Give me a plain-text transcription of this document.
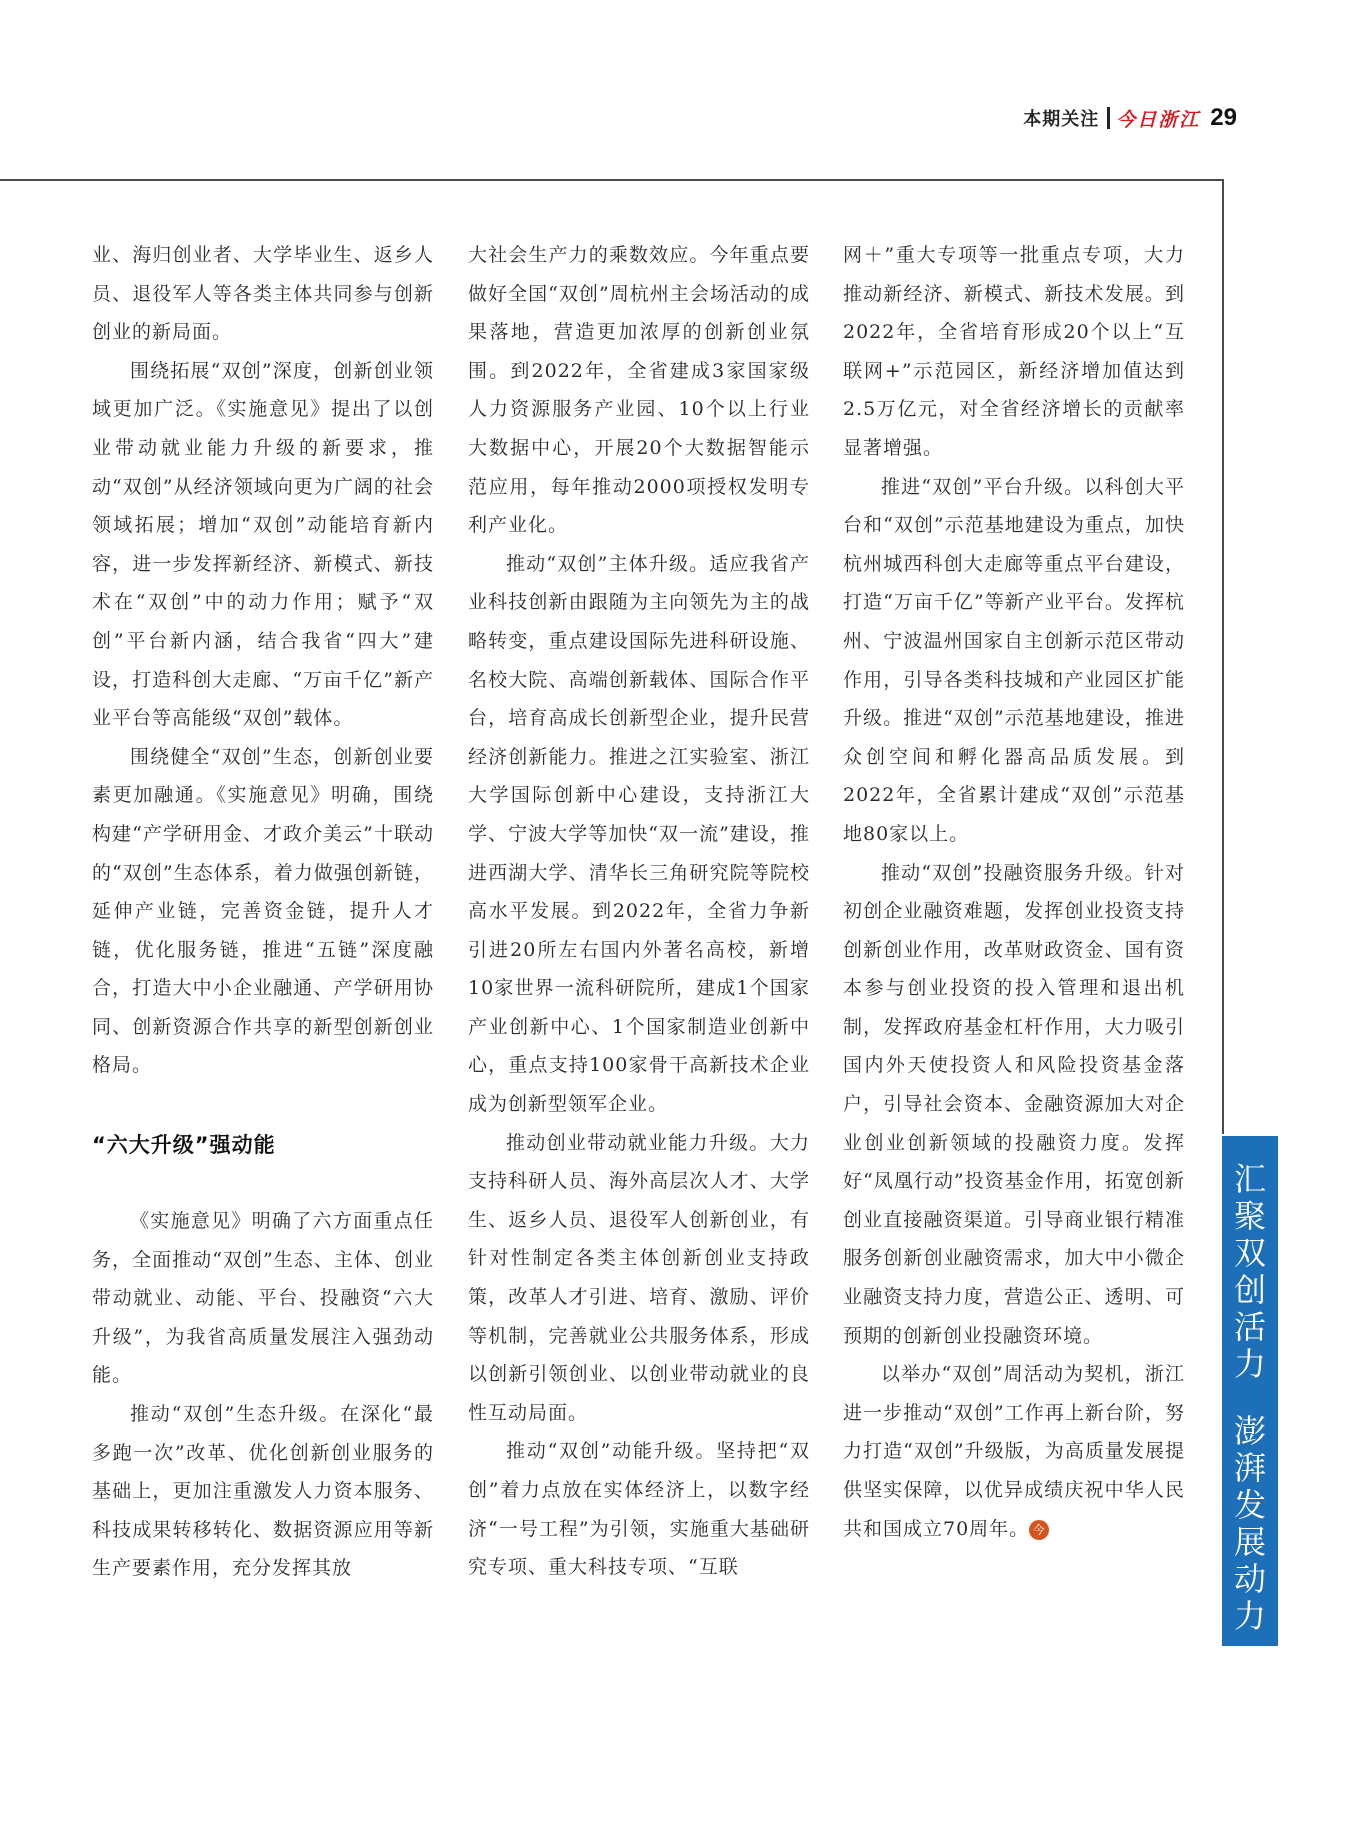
本期关注 今日浙江 29

业、海归创业者、大学毕业生、返乡人员、退役军人等各类主体共同参与创新创业的新局面。

围绕拓展“双创”深度，创新创业领域更加广泛。《实施意见》提出了以创业带动就业能力升级的新要求，推动“双创”从经济领域向更为广阔的社会领域拓展；增加“双创”动能培育新内容，进一步发挥新经济、新模式、新技术在“双创”中的动力作用；赋予“双创”平台新内涵，结合我省“四大”建设，打造科创大走廊、“万亩千亿”新产业平台等高能级“双创”载体。

围绕健全“双创”生态，创新创业要素更加融通。《实施意见》明确，围绕构建“产学研用金、才政介美云”十联动的“双创”生态体系，着力做强创新链，延伸产业链，完善资金链，提升人才链，优化服务链，推进“五链”深度融合，打造大中小企业融通、产学研用协同、创新资源合作共享的新型创新创业格局。

“六大升级”强动能

《实施意见》明确了六方面重点任务，全面推动“双创”生态、主体、创业带动就业、动能、平台、投融资“六大升级”，为我省高质量发展注入强劲动能。

推动“双创”生态升级。在深化“最多跑一次”改革、优化创新创业服务的基础上，更加注重激发人力资本服务、科技成果转移转化、数据资源应用等新生产要素作用，充分发挥其放

大社会生产力的乘数效应。今年重点要做好全国“双创”周杭州主会场活动的成果落地，营造更加浓厚的创新创业氛围。到2022年，全省建成3家国家级人力资源服务产业园、10个以上行业大数据中心，开展20个大数据智能示范应用，每年推动2000项授权发明专利产业化。

推动“双创”主体升级。适应我省产业科技创新由跟随为主向领先为主的战略转变，重点建设国际先进科研设施、名校大院、高端创新载体、国际合作平台，培育高成长创新型企业，提升民营经济创新能力。推进之江实验室、浙江大学国际创新中心建设，支持浙江大学、宁波大学等加快“双一流”建设，推进西湖大学、清华长三角研究院等院校高水平发展。到2022年，全省力争新引进20所左右国内外著名高校，新增10家世界一流科研院所，建成1个国家产业创新中心、1个国家制造业创新中心，重点支持100家骨干高新技术企业成为创新型领军企业。

推动创业带动就业能力升级。大力支持科研人员、海外高层次人才、大学生、返乡人员、退役军人创新创业，有针对性制定各类主体创新创业支持政策，改革人才引进、培育、激励、评价等机制，完善就业公共服务体系，形成以创新引领创业、以创业带动就业的良性互动局面。

推动“双创”动能升级。坚持把“双创”着力点放在实体经济上，以数字经济“一号工程”为引领，实施重大基础研究专项、重大科技专项、“互联

网＋”重大专项等一批重点专项，大力推动新经济、新模式、新技术发展。到2022年，全省培育形成20个以上“互联网+”示范园区，新经济增加值达到2.5万亿元，对全省经济增长的贡献率显著增强。

推进“双创”平台升级。以科创大平台和“双创”示范基地建设为重点，加快杭州城西科创大走廊等重点平台建设，打造“万亩千亿”等新产业平台。发挥杭州、宁波温州国家自主创新示范区带动作用，引导各类科技城和产业园区扩能升级。推进“双创”示范基地建设，推进众创空间和孵化器高品质发展。到2022年，全省累计建成“双创”示范基地80家以上。

推动“双创”投融资服务升级。针对初创企业融资难题，发挥创业投资支持创新创业作用，改革财政资金、国有资本参与创业投资的投入管理和退出机制，发挥政府基金杠杆作用，大力吸引国内外天使投资人和风险投资基金落户，引导社会资本、金融资源加大对企业创业创新领域的投融资力度。发挥好“凤凰行动”投资基金作用，拓宽创新创业直接融资渠道。引导商业银行精准服务创新创业融资需求，加大中小微企业融资支持力度，营造公正、透明、可预期的创新创业投融资环境。

以举办“双创”周活动为契机，浙江进一步推动“双创”工作再上新台阶，努力打造“双创”升级版，为高质量发展提供坚实保障，以优异成绩庆祝中华人民共和国成立70周年。 今

汇
聚
双
创
活
力
澎
湃
发
展
动
力
